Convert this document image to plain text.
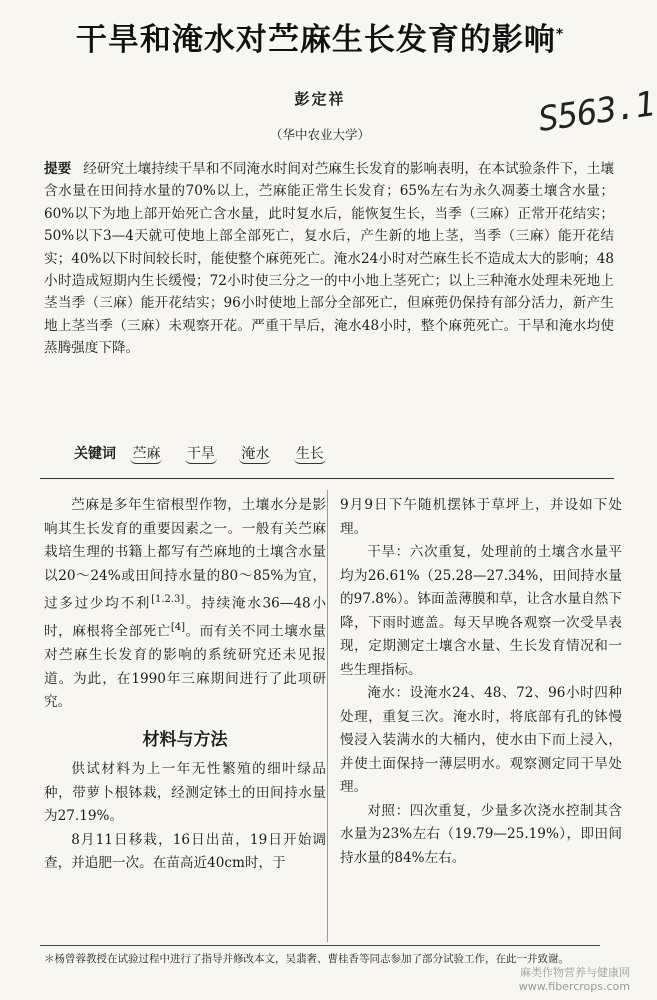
干旱和淹水对苎麻生长发育的影响*
彭定祥
（华中农业大学）	S563.1
提要 经研究土壤持续干旱和不同淹水时间对苎麻生长发育的影响表明，在本试验条件下，土壤含水量在田间持水量的70%以上，苎麻能正常生长发育；65%左右为永久凋萎土壤含水量；60%以下为地上部开始死亡含水量，此时复水后，能恢复生长，当季（三麻）正常开花结实；50%以下3—4天就可使地上部全部死亡，复水后，产生新的地上茎，当季（三麻）能开花结实；40%以下时间较长时，能使整个麻蔸死亡。淹水24小时对苎麻生长不造成太大的影响；48小时造成短期内生长缓慢；72小时使三分之一的中小地上茎死亡；以上三种淹水处理未死地上茎当季（三麻）能开花结实；96小时使地上部分全部死亡，但麻蔸仍保持有部分活力，新产生地上茎当季（三麻）未观察开花。严重干旱后，淹水48小时，整个麻蔸死亡。干旱和淹水均使蒸腾强度下降。
关键词 苎麻 干旱 淹水 生长

苎麻是多年生宿根型作物，土壤水分是影响其生长发育的重要因素之一。一般有关苎麻栽培生理的书籍上都写有苎麻地的土壤含水量以20～24%或田间持水量的80～85%为宜，过多过少均不利[1.2.3]。持续淹水36—48小时，麻根将全部死亡[4]。而有关不同土壤水量对苎麻生长发育的影响的系统研究还未见报道。为此，在1990年三麻期间进行了此项研究。

材料与方法

供试材料为上一年无性繁殖的细叶绿品种，带萝卜根钵栽，经测定钵土的田间持水量为27.19%。

8月11日移栽，16日出苗，19日开始调查，并追肥一次。在苗高近40cm时，于

9月9日下午随机摆钵于草坪上，并设如下处理。

干旱：六次重复，处理前的土壤含水量平均为26.61%（25.28—27.34%，田间持水量的97.8%）。钵面盖薄膜和草，让含水量自然下降，下雨时遮盖。每天早晚各观察一次受旱表现，定期测定土壤含水量、生长发育情况和一些生理指标。

淹水：设淹水24、48、72、96小时四种处理，重复三次。淹水时，将底部有孔的钵慢慢浸入装满水的大桶内，使水由下而上浸入，并使土面保持一薄层明水。观察测定同干旱处理。

对照：四次重复，少量多次浇水控制其含水量为23%左右（19.79—25.19%），即田间持水量的84%左右。

＊杨曾蓉教授在试验过程中进行了指导并修改本文，吴翡奢、曹桂香等同志参加了部分试验工作，在此一并致谢。
麻类作物营养与健康网
www.fibercrops.com
